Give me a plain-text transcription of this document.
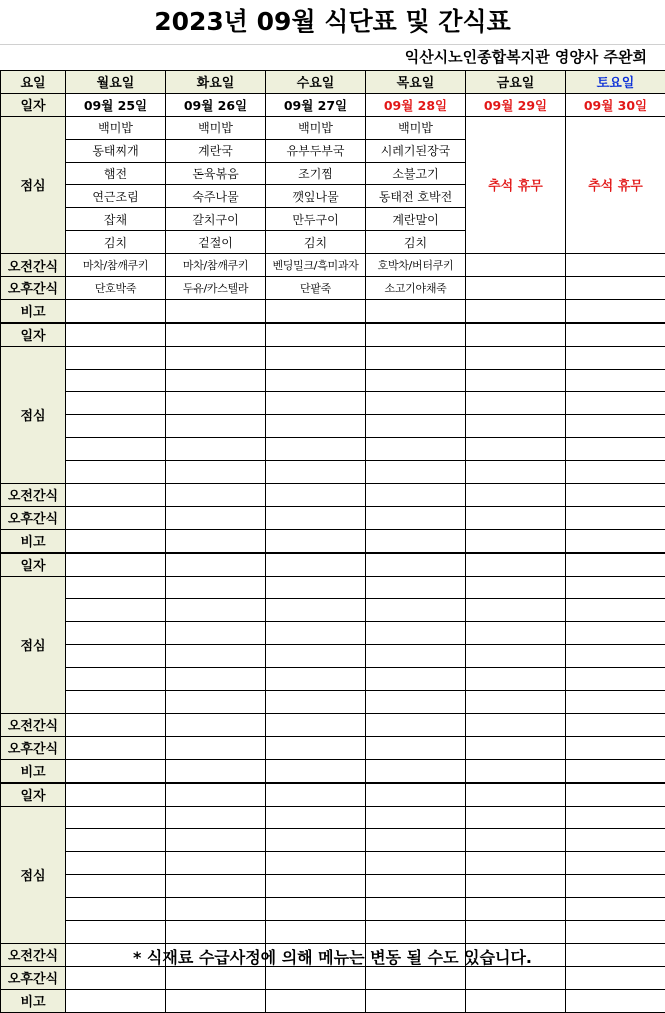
2023년 09월 식단표 및 간식표
익산시노인종합복지관 영양사 주완희
요일	월요일	화요일	수요일	목요일	금요일	토요일
일자	09월 25일	09월 26일	09월 27일	09월 28일	09월 29일	09월 30일
점심	백미밥	백미밥	백미밥	백미밥	추석 휴무	추석 휴무
	동태찌개	계란국	유부두부국	시레기된장국		
	햄전	돈육볶음	조기찜	소불고기		
	연근조림	숙주나물	깻잎나물	동태전 호박전		
	잡채	갈치구이	만두구이	계란말이		
	김치	겉절이	김치	김치		
오전간식	마차/참깨쿠키	마차/참깨쿠키	벤딩밀크/흑미과자	호박차/버터쿠키		
오후간식	단호박죽	두유/카스텔라	단팥죽	소고기야채죽		
비고						
일자						
점심						

오전간식						
오후간식						
비고						
일자						
점심						

오전간식						
오후간식						
비고						
일자						
점심						

오전간식						
오후간식						
비고						
* 식재료 수급사정에 의해 메뉴는 변동 될 수도 있습니다.
